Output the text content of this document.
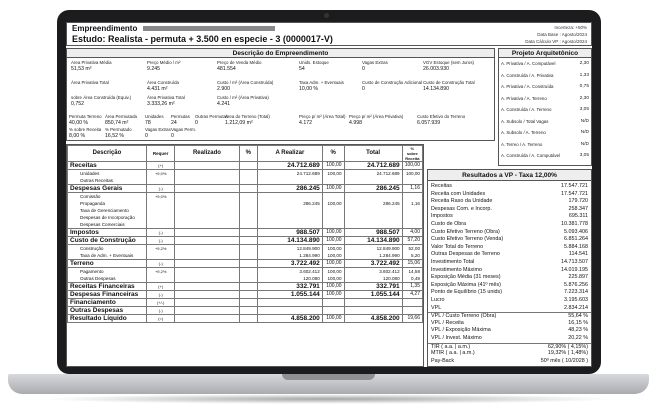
Empreendimento
Estudo: Realista - permuta + 3.500 en especie - 3 (0000017-V)
Incerteza: +50%
Data Base : Agosto/2024
Data Cálculo VP : Agosto/2024
Descrição do Empreendimento
Area Privativa Média
51,53 m²
Preço Médio / m²
9.245
Preço de Venda Médio
481.554
Unids. Estoque
54
Vagas Extras
0
VGV Estoque (sem Juros)
26.003.930
Área Privativa Total	Área Construída
4.431 m²
Custo / m² (Área Construída)
2.900
Taxa Adm. + Eventuais
10,00 %
Custo de Construção Adicional
0
Custo de Construção Total
14.134.890
sobre Área Construída (Equiv.)
0,752
Área Privativa Total
3.333,26 m²
Custo / m² (Área Privativa)
4.241
Permuta Terreno
40,00 %
Área Permutada
850,74 m²
Unidades
78
Permutas
24
Outras Permutas
0
Área do Terreno (Total)
1.212,09 m²
Preço p/ m² (Área Total)
4.172
Preço p/ m² (Área Privativa)
4.998
Custo Efetivo do Terreno
6.057.939
% sobre Receita
8,00 %
% Permutado
16,52 %
Vagas Extras
0
Vagas Perm.
0
Projeto Arquitetônico
A. Privativa / A. Computável	2,30
A. Construída / A. Privativa	1,33
A. Privativa / A. Construída	0,75
A. Privativa / A. Terreno	2,30
A. Construída / A. Terreno	3,05
A. Subsolo / Total Vagas	N/D
A. Subsolo / A. Terreno	N/D
A. Terreo / A. Terreno	N/D
A. Construída / A. Computável	3,05
Descrição	Requer	Realizado	%	A Realizar	%	Total	% sobre Receita
Receitas	(+)			24.712.689	100,00	24.712.689	100,00
Unidades	+9,0%			24.712.689	100,00	24.712.689	100,00
Outras Receitas							
Despesas Gerais	(-)			286.245	100,00	286.245	1,16
Comissão	+9,0%						
Propaganda				286.245	100,00	286.245	1,16
Taxa de Gerenciamento							
Despesas de Incorporação							
Despesas Comerciais							
Impostos	(-)			988.507	100,00	988.507	4,00
Custo de Construção	(-)			14.134.890	100,00	14.134.890	57,20
Construção	+9,2%			12.849.900	100,00	12.849.900	52,00
Taxa de Adm. + Eventuais				1.284.990	100,00	1.284.990	5,20
Terreno	(-)			3.722.492	100,00	3.722.492	15,06
Pagamento	+9,2%			3.602.412	100,00	3.602.412	14,58
Outras Despesas				120.080	100,00	120.080	0,49
Receitas Financeiras	(+)			332.791	100,00	332.791	1,35
Despesas Financeiras	(-)			1.055.144	100,00	1.055.144	4,27
Financiamento	(+/-)						
Outras Despesas	(-)						
Resultado Líquido	(=)			4.858.200	100,00	4.858.200	19,66
Resultados a VP - Taxa 12,00%
Receitas	17.547.721
Receita com Unidades	17.547.721
Receita Raso da Unidade	179.720
Despesas Com. e Incorp.	258.347
Impostos	695.311
Custo de Obra	10.381.778
Custo Efetivo Terreno (Obra)	5.093.406
Custo Efetivo Terreno (Venda)	6.851.264
Valor Total do Terreno	5.884.168
Outras Despesas de Terreno	114.541
Investimento Total	14.713.507
Investimento Máximo	14.019.195
Exposição Média (31 meses)	225.897
Exposição Máxima (41º mês)	5.876.256
Ponto de Equilíbrio (15 unids)	7.223.314
Lucro	3.195.603
VPL	2.834.214
VPL / Custo Terreno (Obra)	55,64 %
VPL / Receita	16,15 %
VPL / Exposição Máxima	48,23 %
VPL / Invest. Máximo	20,22 %
TIR ( a.a. | a.m.)	62,90% ( 4,15%)
MTIR ( a.a. | a.m.)	19,32% ( 1,48%)
Pay-Back	50º mês ( 10/2028 )
